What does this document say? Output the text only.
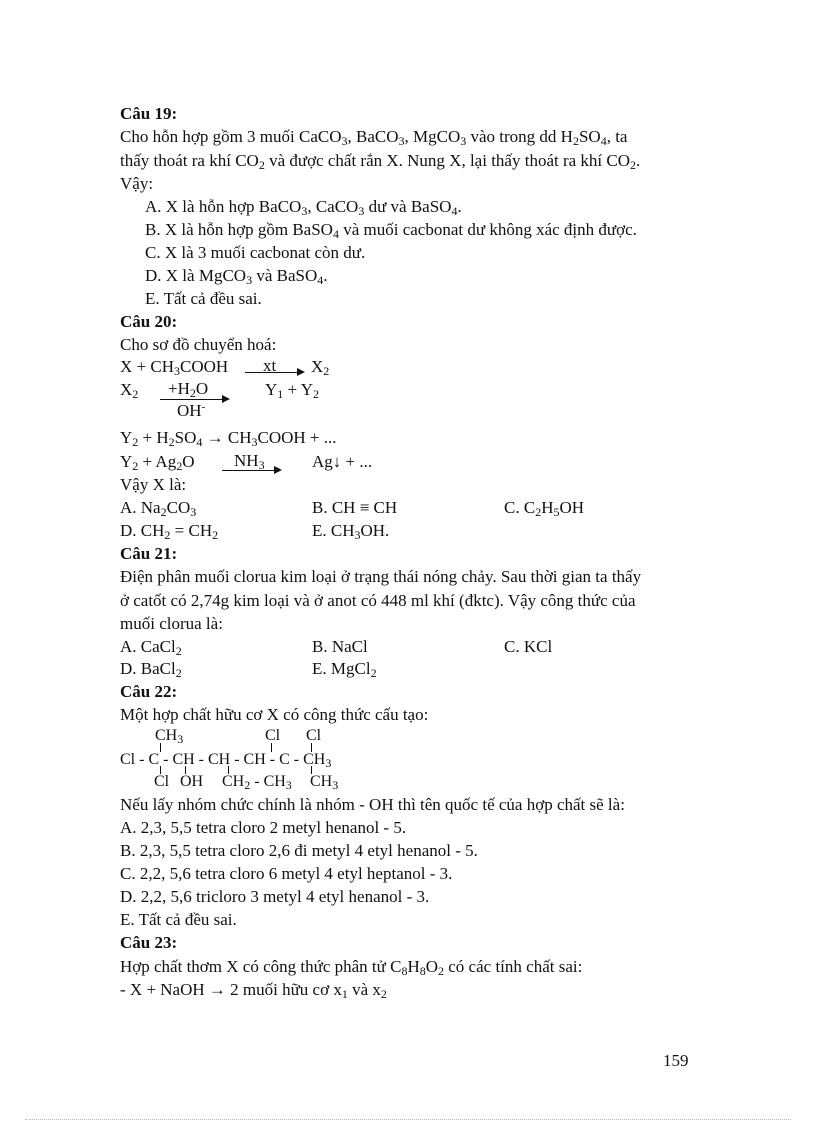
Câu 19:
Cho hỗn hợp gồm 3 muối CaCO$_3$, BaCO$_3$, MgCO$_3$ vào trong dd $H_2SO_4$, ta
thấy thoát ra khí $CO_2$ và được chất rắn X. Nung X, lại thấy thoát ra khí $CO_2$.
Vậy:
A. X là hỗn hợp BaCO$_3$, CaCO$_3$ dư và BaSO$_4$.
B. X là hỗn hợp gồm BaSO$_4$ và muối cacbonat dư không xác định được.
C. X là 3 muối cacbonat còn dư.
D. X là MgCO$_3$ và BaSO$_4$.
E. Tất cả đều sai.
Câu 20:
Cho sơ đồ chuyển hoá:
$X + CH_3COOH$ xt $X_2$
$X_2 +H_2O$
OH-
$Y_1 + Y_2$
$Y_2 + H_2SO_4$ → $CH_3COOH$ + ...
$Y_2 + Ag_2O$ $NH_3$	Ag↓ + ...
Vậy X là:
A. $Na_2CO_3$	B. CH ≡ CH	C. $C_2H_5OH$
D. $CH_2 = CH_2$	E. $CH_3OH$.
Câu 21:
Điện phân muối clorua kim loại ở trạng thái nóng chảy. Sau thời gian ta thấy
ở catốt có 2,74g kim loại và ở anot có 448 ml khí (đktc). Vậy công thức của
muối clorua là:
A. CaCl$_2$	B. NaCl	C. KCl
D. BaCl$_2$	E. MgCl$_2$
Câu 22:
Một hợp chất hữu cơ X có công thức cấu tạo:
$CH_3$	Cl Cl
Cl - C - CH - CH - CH - C - $CH_3$
Cl OH $CH_2 - CH_3$ $CH_3$
Nếu lấy nhóm chức chính là nhóm - OH thì tên quốc tế của hợp chất sẽ là:
A. 2,3, 5,5 tetra cloro 2 metyl henanol - 5.
B. 2,3, 5,5 tetra cloro 2,6 đi metyl 4 etyl henanol - 5.
C. 2,2, 5,6 tetra cloro 6 metyl 4 etyl heptanol - 3.
D. 2,2, 5,6 tricloro 3 metyl 4 etyl henanol - 3.
E. Tất cả đều sai.
Câu 23:
Hợp chất thơm X có công thức phân tử $C_8H_8O_2$ có các tính chất sai:
- X + NaOH → 2 muối hữu cơ $x_1$ và $x_2$
159
